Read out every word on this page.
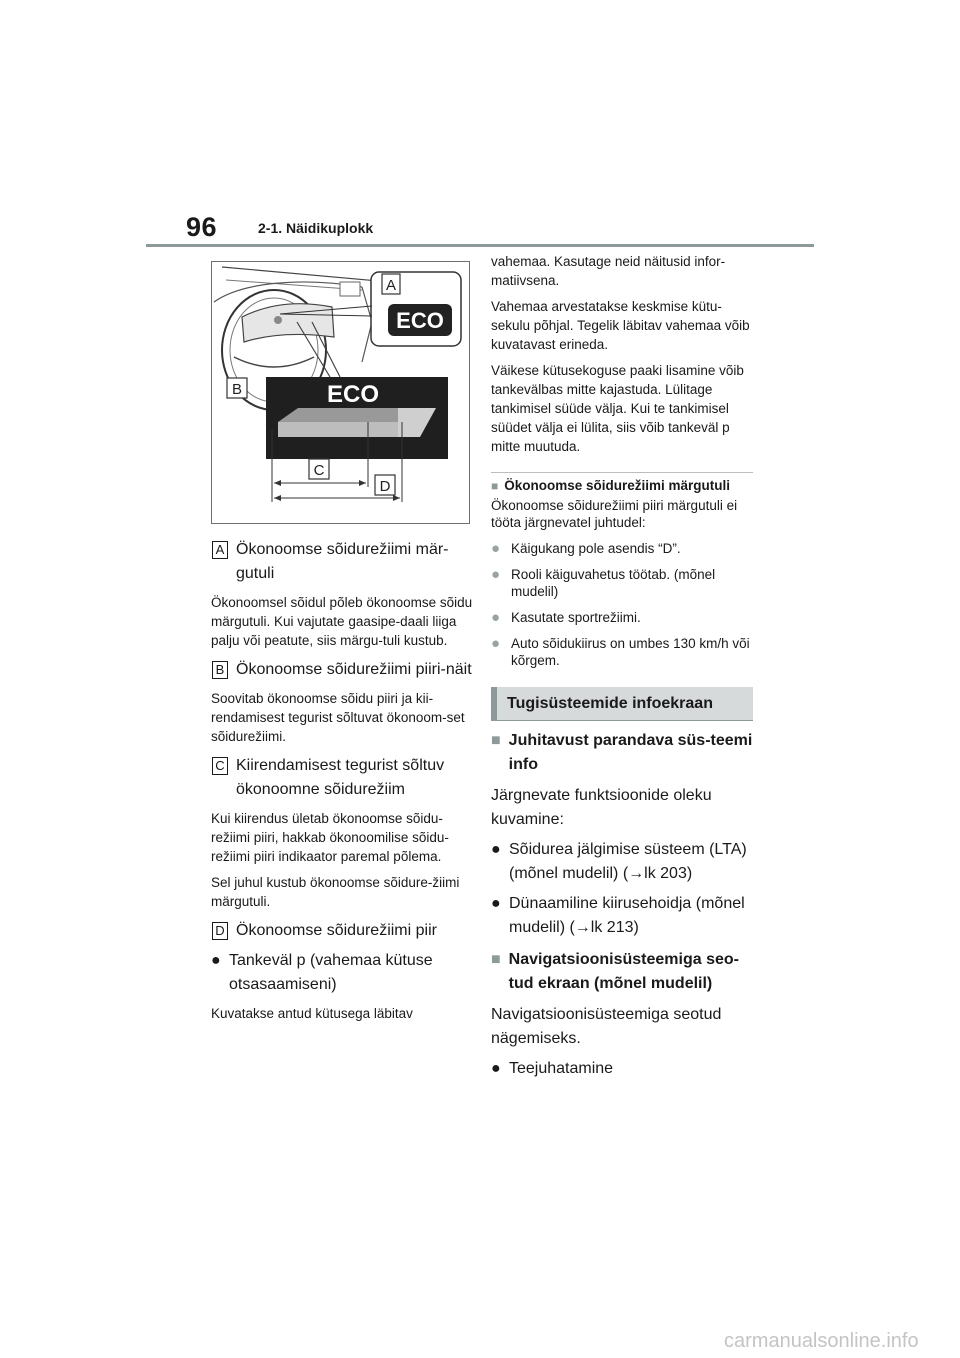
96	2-1. Näidikuplokk
A
ECO
ECO
B
C
D
A Ökonoomse sõidurežiimi mär-gutuli
Ökonoomsel sõidul põleb ökonoomse sõidu märgutuli. Kui vajutate gaasipe-daali liiga palju või peatute, siis märgu-tuli kustub.
B Ökonoomse sõidurežiimi piiri-näit
Soovitab ökonoomse sõidu piiri ja kii-rendamisest tegurist sõltuvat ökonoom-set sõidurežiimi.
C Kiirendamisest tegurist sõltuv ökonoomne sõidurežiim
Kui kiirendus ületab ökonoomse sõidu-režiimi piiri, hakkab ökonoomilise sõidu-režiimi piiri indikaator paremal põlema.
Sel juhul kustub ökonoomse sõidure-žiimi märgutuli.
D Ökonoomse sõidurežiimi piir
● Tankeväl p (vahemaa kütuse otsasaamiseni)
Kuvatakse antud kütusega läbitav
vahemaa. Kasutage neid näitusid infor-matiivsena.
Vahemaa arvestatakse keskmise kütu-sekulu põhjal. Tegelik läbitav vahemaa võib kuvatavast erineda.
Väikese kütusekoguse paaki lisamine võib tankevälbas mitte kajastuda. Lülitage tankimisel süüde välja. Kui te tankimisel süüdet välja ei lülita, siis võib tankeväl p mitte muutuda.
■ Ökonoomse sõidurežiimi märgutuli
Ökonoomse sõidurežiimi piiri märgutuli ei tööta järgnevatel juhtudel:
● Käigukang pole asendis “D”.
● Rooli käiguvahetus töötab. (mõnel mudelil)
● Kasutate sportrežiimi.
● Auto sõidukiirus on umbes 130 km/h või kõrgem.
Tugisüsteemide infoekraan
■ Juhitavust parandava süs-teemi info
Järgnevate funktsioonide oleku kuvamine:
● Sõidurea jälgimise süsteem (LTA) (mõnel mudelil) (→lk 203)
● Dünaamiline kiirusehoidja (mõnel mudelil) (→lk 213)
■ Navigatsioonisüsteemiga seo-tud ekraan (mõnel mudelil)
Navigatsioonisüsteemiga seotud nägemiseks.
● Teejuhatamine
carmanualsonline.info
